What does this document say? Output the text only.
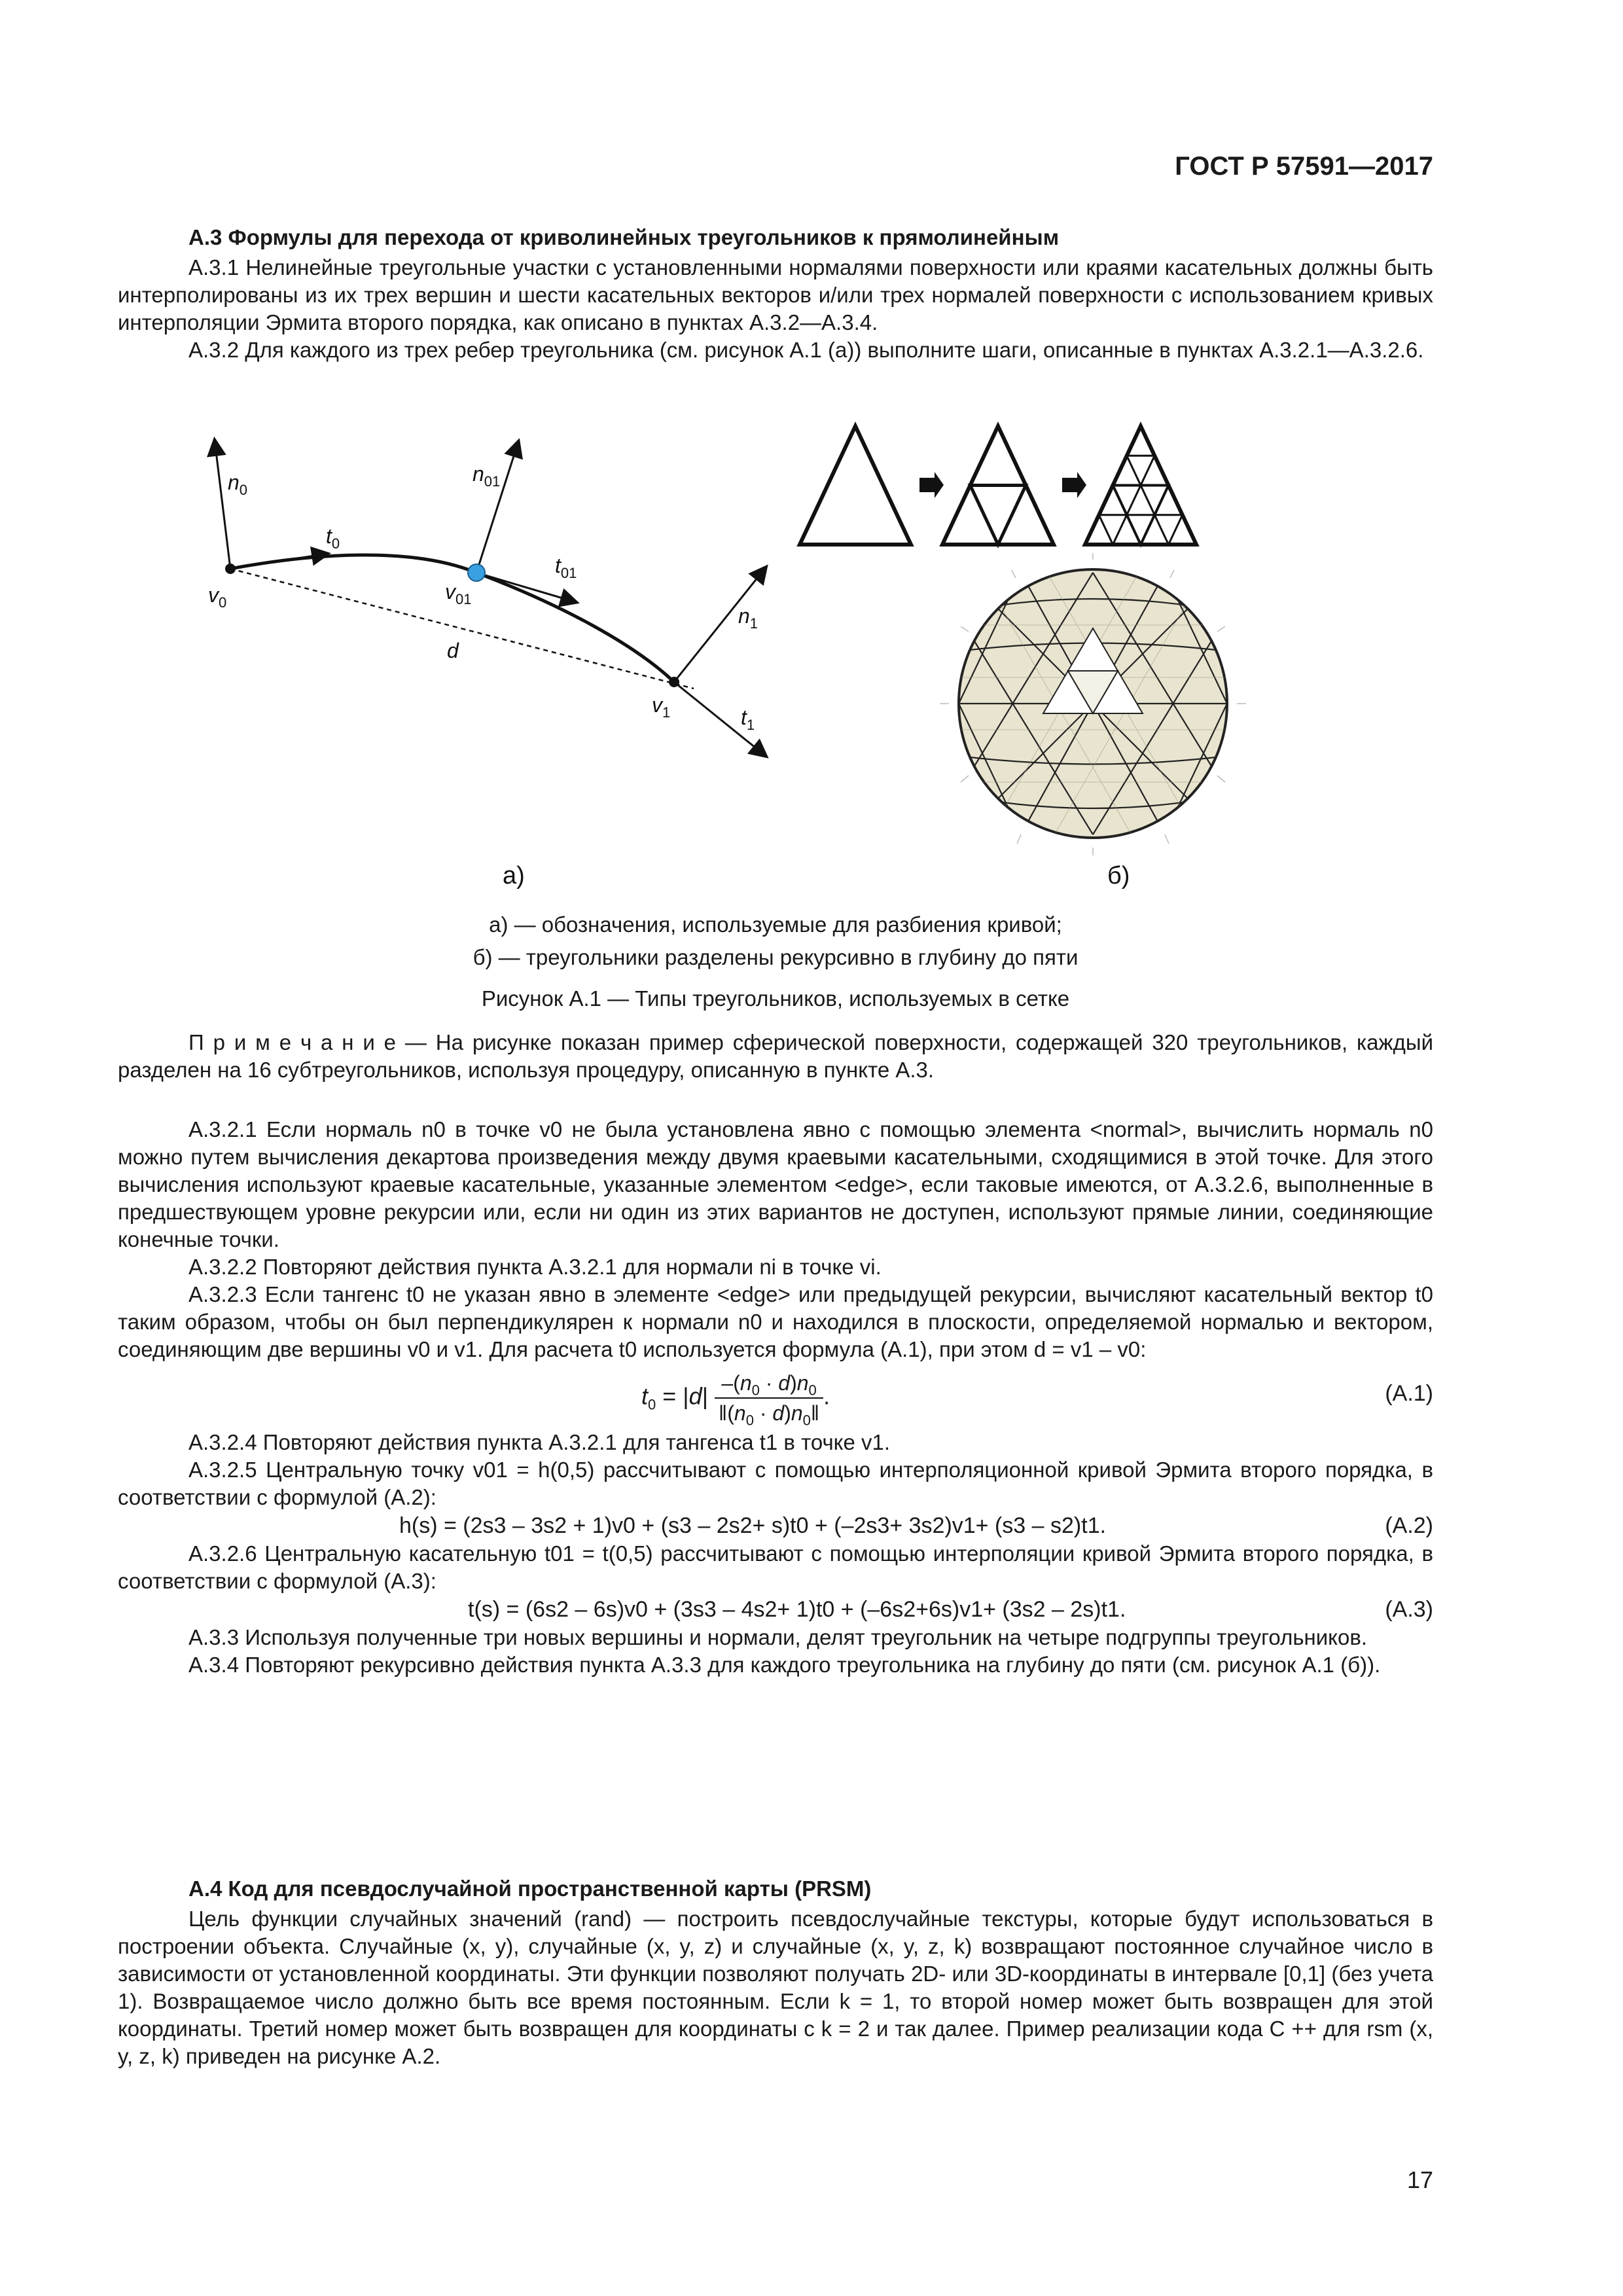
ГОСТ Р 57591—2017

А.3 Формулы для перехода от криволинейных треугольников к прямолинейным

А.3.1 Нелинейные треугольные участки с установленными нормалями поверхности или краями касательных должны быть интерполированы из их трех вершин и шести касательных векторов и/или трех нормалей поверхности с использованием кривых интерполяции Эрмита второго порядка, как описано в пунктах А.3.2—А.3.4.

А.3.2 Для каждого из трех ребер треугольника (см. рисунок А.1 (а)) выполните шаги, описанные в пунктах А.3.2.1—А.3.2.6.

$n_0$
$t_0$
$v_0$
$n_{01}$
$v_{01}$
$t_{01}$
d
$n_1$
$v_1$	$t_1$
а)	б)
а) — обозначения, используемые для разбиения кривой;
б) — треугольники разделены рекурсивно в глубину до пяти
Рисунок А.1 — Типы треугольников, используемых в сетке

П р и м е ч а н и е — На рисунке показан пример сферической поверхности, содержащей 320 треугольников, каждый разделен на 16 субтреугольников, используя процедуру, описанную в пункте А.3.

А.3.2.1 Если нормаль n0 в точке v0 не была установлена явно с помощью элемента <normal>, вычислить нормаль n0 можно путем вычисления декартова произведения между двумя краевыми касательными, сходящимися в этой точке. Для этого вычисления используют краевые касательные, указанные элементом <edge>, если таковые имеются, от А.3.2.6, выполненные в предшествующем уровне рекурсии или, если ни один из этих вариантов не доступен, используют прямые линии, соединяющие конечные точки.

А.3.2.2 Повторяют действия пункта А.3.2.1 для нормали ni в точке vi.

А.3.2.3 Если тангенс t0 не указан явно в элементе <edge> или предыдущей рекурсии, вычисляют касательный вектор t0 таким образом, чтобы он был перпендикулярен к нормали n0 и находился в плоскости, определяемой нормалью и вектором, соединяющим две вершины v0 и v1. Для расчета t0 используется формула (А.1), при этом d = v1 – v0:

$t_0 = |d| \frac{-(n_0 \cdot d)n_0}{‖(n_0 \cdot d)n_0‖}$ .	(А.1)

А.3.2.4 Повторяют действия пункта А.3.2.1 для тангенса t1 в точке v1.

А.3.2.5 Центральную точку v01 = h(0,5) рассчитывают с помощью интерполяционной кривой Эрмита второго порядка, в соответствии с формулой (А.2):

h(s) = (2s3 – 3s2 + 1)v0 + (s3 – 2s2+ s)t0 + (–2s3+ 3s2)v1+ (s3 – s2)t1.	(А.2)

А.3.2.6 Центральную касательную t01 = t(0,5) рассчитывают с помощью интерполяции кривой Эрмита второго порядка, в соответствии с формулой (А.3):

t(s) = (6s2 – 6s)v0 + (3s3 – 4s2+ 1)t0 + (–6s2+6s)v1+ (3s2 – 2s)t1.	(А.3)

А.3.3 Используя полученные три новых вершины и нормали, делят треугольник на четыре подгруппы треугольников.

А.3.4 Повторяют рекурсивно действия пункта А.3.3 для каждого треугольника на глубину до пяти (см. рисунок А.1 (б)).

А.4 Код для псевдослучайной пространственной карты (PRSM)

Цель функции случайных значений (rand) — построить псевдослучайные текстуры, которые будут использоваться в построении объекта. Случайные (x, y), случайные (x, y, z) и случайные (x, y, z, k) возвращают постоянное случайное число в зависимости от установленной координаты. Эти функции позволяют получать 2D- или 3D-координаты в интервале [0,1] (без учета 1). Возвращаемое число должно быть все время постоянным. Если k = 1, то второй номер может быть возвращен для этой координаты. Третий номер может быть возвращен для координаты с k = 2 и так далее. Пример реализации кода С ++ для rsm (x, y, z, k) приведен на рисунке А.2.

17
